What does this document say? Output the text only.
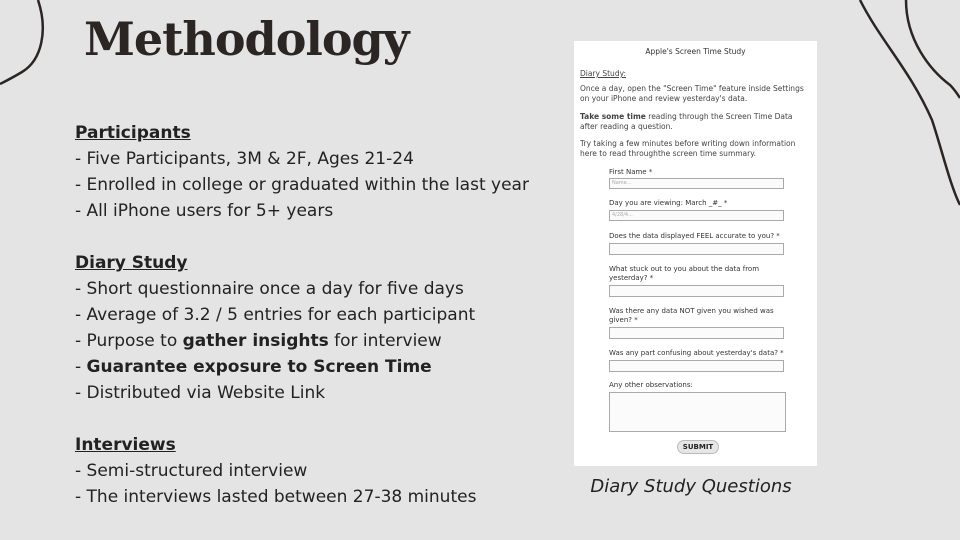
Methodology
Participants
- Five Participants, 3M & 2F, Ages 21-24
- Enrolled in college or graduated within the last year
- All iPhone users for 5+ years
Diary Study
- Short questionnaire once a day for five days
- Average of 3.2 / 5 entries for each participant
- Purpose to gather insights for interview
- Guarantee exposure to Screen Time
- Distributed via Website Link
Interviews
- Semi-structured interview
- The interviews lasted between 27-38 minutes
Apple's Screen Time Study
Diary Study:
Once a day, open the "Screen Time" feature inside Settings on your iPhone and review yesterday's data.
Take some time reading through the Screen Time Data after reading a question.
Try taking a few minutes before writing down information here to read throughthe screen time summary.
First Name *
Name...
Day you are viewing: March _#_ *
4/28/4...
Does the data displayed FEEL accurate to you? *
What stuck out to you about the data from yesterday? *
Was there any data NOT given you wished was given? *
Was any part confusing about yesterday's data? *
Any other observations:
SUBMIT
Diary Study Questions
